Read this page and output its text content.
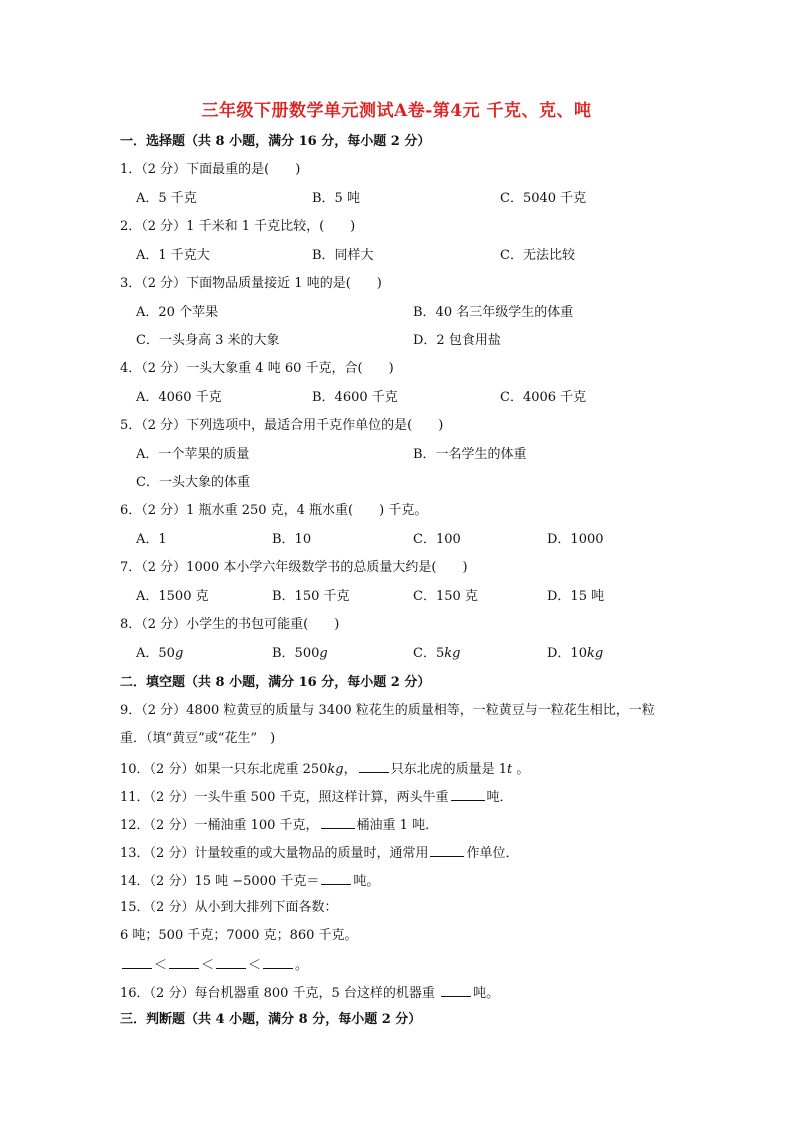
三年级下册数学单元测试A卷-第4元 千克、克、吨
一．选择题（共 8 小题，满分 16 分，每小题 2 分）
1．（2 分）下面最重的是(　　)
A．5 千克	B．5 吨	C．5040 千克
2．（2 分）1 千米和 1 千克比较，(　　)
A．1 千克大	B．同样大	C．无法比较
3．（2 分）下面物品质量接近 1 吨的是(　　)
A．20 个苹果	B．40 名三年级学生的体重
C．一头身高 3 米的大象	D．2 包食用盐
4．（2 分）一头大象重 4 吨 60 千克，合(　　)
A．4060 千克	B．4600 千克	C．4006 千克
5．（2 分）下列选项中，最适合用千克作单位的是(　　)
A．一个苹果的质量	B．一名学生的体重
C．一头大象的体重
6．（2 分）1 瓶水重 250 克，4 瓶水重(　　) 千克。
A．1	B．10	C．100	D．1000
7．（2 分）1000 本小学六年级数学书的总质量大约是(　　)
A．1500 克	B．150 千克	C．150 克	D．15 吨
8．（2 分）小学生的书包可能重(　　)
A．50g	B．500g	C．5kg	D．10kg
二．填空题（共 8 小题，满分 16 分，每小题 2 分）
9．（2 分）4800 粒黄豆的质量与 3400 粒花生的质量相等，一粒黄豆与一粒花生相比，一粒
重．（填“黄豆”或“花生”　)
10．（2 分）如果一只东北虎重 250kg，	只东北虎的质量是 1t 。
11．（2 分）一头牛重 500 千克，照这样计算，两头牛重	吨．
12．（2 分）一桶油重 100 千克，	桶油重 1 吨．
13．（2 分）计量较重的或大量物品的质量时，通常用	作单位．
14．（2 分）15 吨 −5000 千克＝	吨。
15．（2 分）从小到大排列下面各数：
6 吨；500 千克；7000 克；860 千克。
＜	＜	＜	。
16．（2 分）每台机器重 800 千克，5 台这样的机器重	吨。
三．判断题（共 4 小题，满分 8 分，每小题 2 分）
